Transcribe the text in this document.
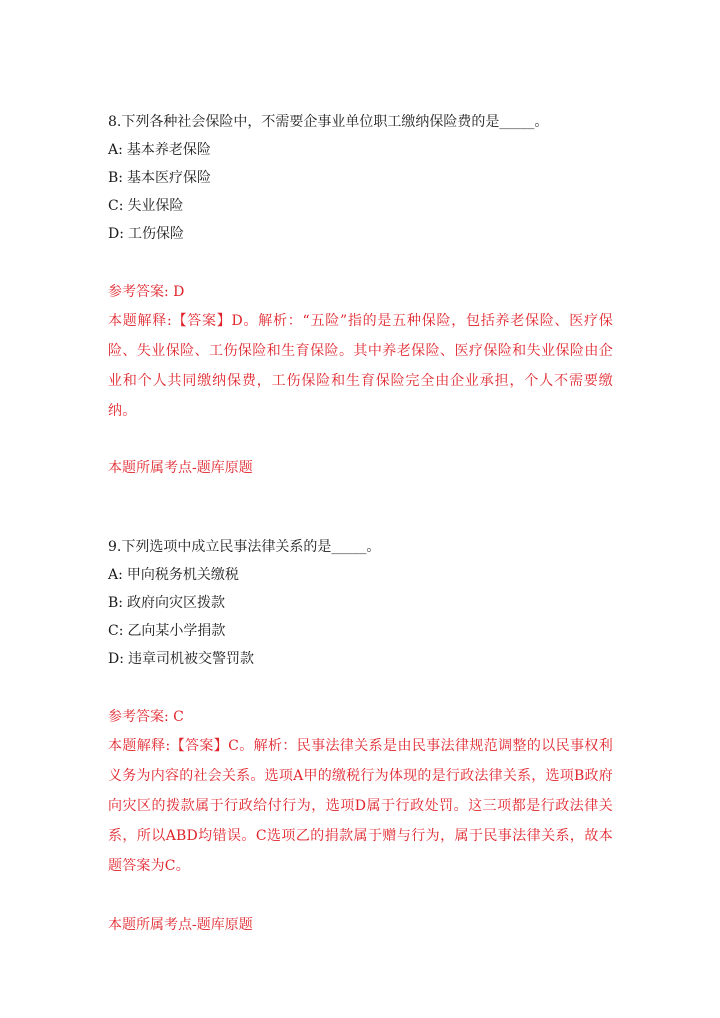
8.下列各种社会保险中，不需要企事业单位职工缴纳保险费的是_____。
A: 基本养老保险
B: 基本医疗保险
C: 失业保险
D: 工伤保险
参考答案: D
本题解释:【答案】D。解析：“五险”指的是五种保险，包括养老保险、医疗保险、失业保险、工伤保险和生育保险。其中养老保险、医疗保险和失业保险由企业和个人共同缴纳保费，工伤保险和生育保险完全由企业承担，个人不需要缴纳。
本题所属考点-题库原题
9.下列选项中成立民事法律关系的是_____。
A: 甲向税务机关缴税
B: 政府向灾区拨款
C: 乙向某小学捐款
D: 违章司机被交警罚款
参考答案: C
本题解释:【答案】C。解析：民事法律关系是由民事法律规范调整的以民事权利义务为内容的社会关系。选项A甲的缴税行为体现的是行政法律关系，选项B政府向灾区的拨款属于行政给付行为，选项D属于行政处罚。这三项都是行政法律关系，所以ABD均错误。C选项乙的捐款属于赠与行为，属于民事法律关系，故本题答案为C。
本题所属考点-题库原题
